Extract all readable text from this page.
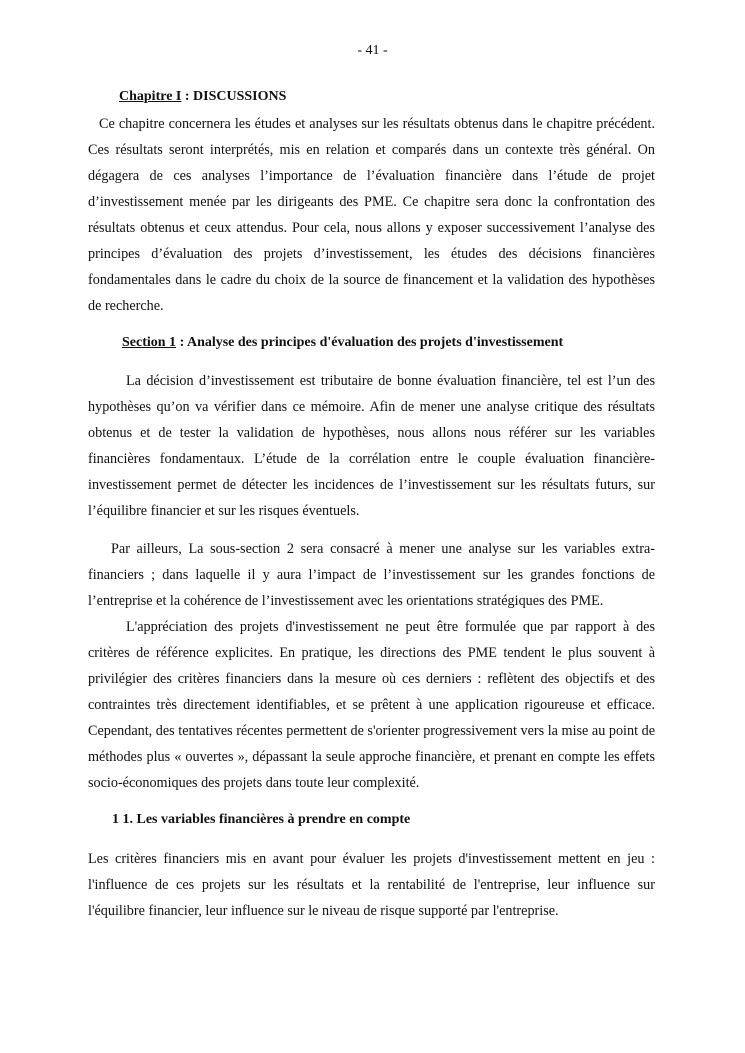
- 41 -
Chapitre I : DISCUSSIONS

Ce chapitre concernera les études et analyses sur les résultats obtenus dans le chapitre précédent. Ces résultats seront interprétés, mis en relation et comparés dans un contexte très général. On dégagera de ces analyses l’importance de l’évaluation financière dans l’étude de projet d’investissement menée par les dirigeants des PME. Ce chapitre sera donc la confrontation des résultats obtenus et ceux attendus. Pour cela, nous allons y exposer successivement l’analyse des principes d’évaluation des projets d’investissement, les études des décisions financières fondamentales dans le cadre du choix de la source de financement et la validation des hypothèses de recherche.

Section 1 : Analyse des principes d'évaluation des projets d'investissement

La décision d’investissement est tributaire de bonne évaluation financière, tel est l’un des hypothèses qu’on va vérifier dans ce mémoire. Afin de mener une analyse critique des résultats obtenus et de tester la validation de hypothèses, nous allons nous référer sur les variables financières fondamentaux. L’étude de la corrélation entre le couple évaluation financière- investissement permet de détecter les incidences de l’investissement sur les résultats futurs, sur l’équilibre financier et sur les risques éventuels.

Par ailleurs, La sous-section 2 sera consacré à mener une analyse sur les variables extra-financiers ; dans laquelle il y aura l’impact de l’investissement sur les grandes fonctions de l’entreprise et la cohérence de l’investissement avec les orientations stratégiques des PME.

L'appréciation des projets d'investissement ne peut être formulée que par rapport à des critères de référence explicites. En pratique, les directions des PME tendent le plus souvent à privilégier des critères financiers dans la mesure où ces derniers : reflètent des objectifs et des contraintes très directement identifiables, et se prêtent à une application rigoureuse et efficace. Cependant, des tentatives récentes permettent de s'orienter progressivement vers la mise au point de méthodes plus « ouvertes », dépassant la seule approche financière, et prenant en compte les effets socio-économiques des projets dans toute leur complexité.

1 1. Les variables financières à prendre en compte

Les critères financiers mis en avant pour évaluer les projets d'investissement mettent en jeu : l'influence de ces projets sur les résultats et la rentabilité de l'entreprise, leur influence sur l'équilibre financier, leur influence sur le niveau de risque supporté par l'entreprise.
